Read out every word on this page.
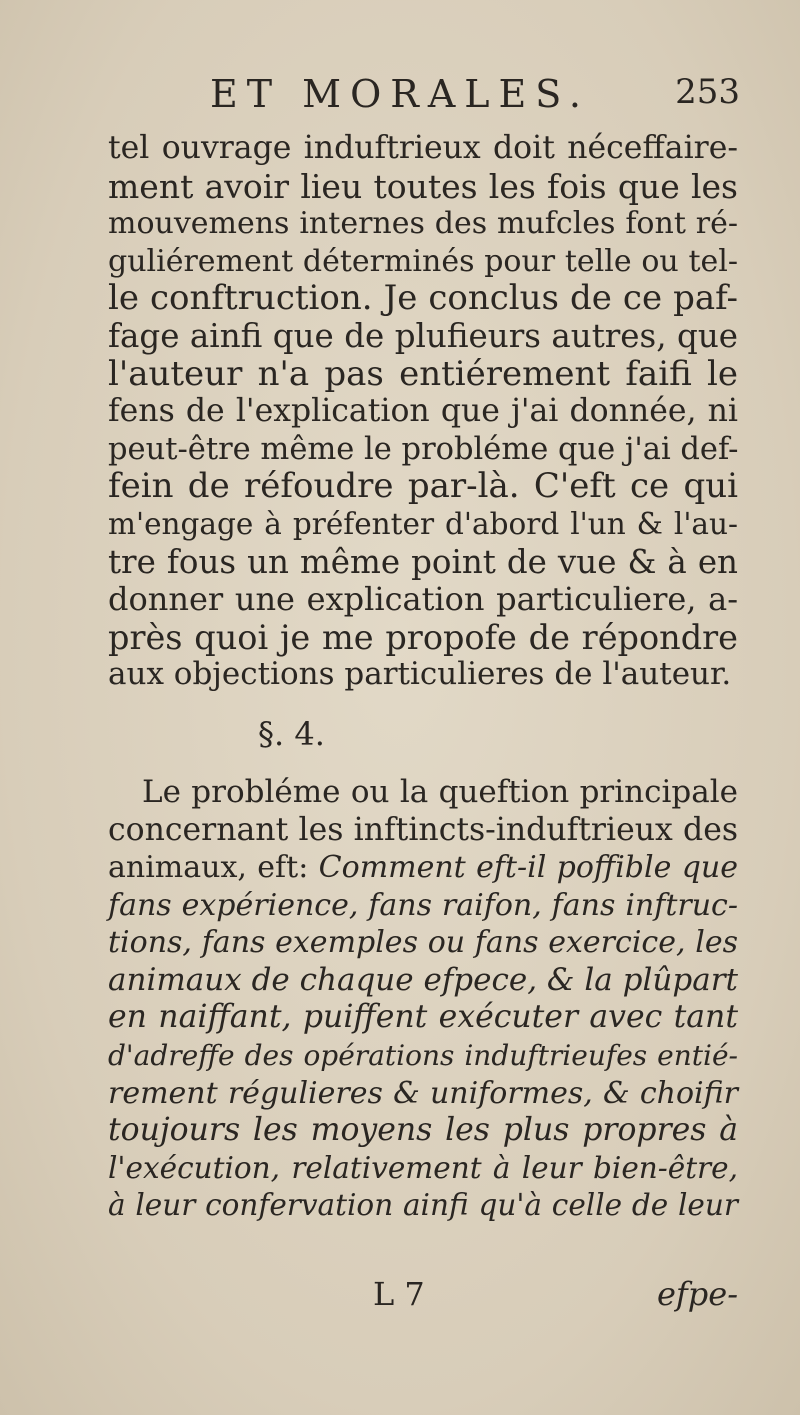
ET MORALES.	253
tel ouvrage induftrieux doit néceffaire-
ment avoir lieu toutes les fois que les
mouvemens internes des mufcles font ré-
guliérement déterminés pour telle ou tel-
le conftruction. Je conclus de ce paf-
fage ainfi que de plufieurs autres, que
l'auteur n'a pas entiérement faifi le
fens de l'explication que j'ai donnée, ni
peut-être même le probléme que j'ai def-
fein de réfoudre par-là. C'eft ce qui
m'engage à préfenter d'abord l'un & l'au-
tre fous un même point de vue & à en
donner une explication particuliere, a-
près quoi je me propofe de répondre
aux objections particulieres de l'auteur.
§. 4.
Le probléme ou la queftion principale
concernant les inftincts-induftrieux des
animaux, eft: Comment eft-il poffible que
fans expérience, fans raifon, fans inftruc-
tions, fans exemples ou fans exercice, les
animaux de chaque efpece, & la plûpart
en naiffant, puiffent exécuter avec tant
d'adreffe des opérations induftrieufes entié-
rement régulieres & uniformes, & choifir
toujours les moyens les plus propres à
l'exécution, relativement à leur bien-être,
à leur confervation ainfi qu'à celle de leur
L 7	efpe-
